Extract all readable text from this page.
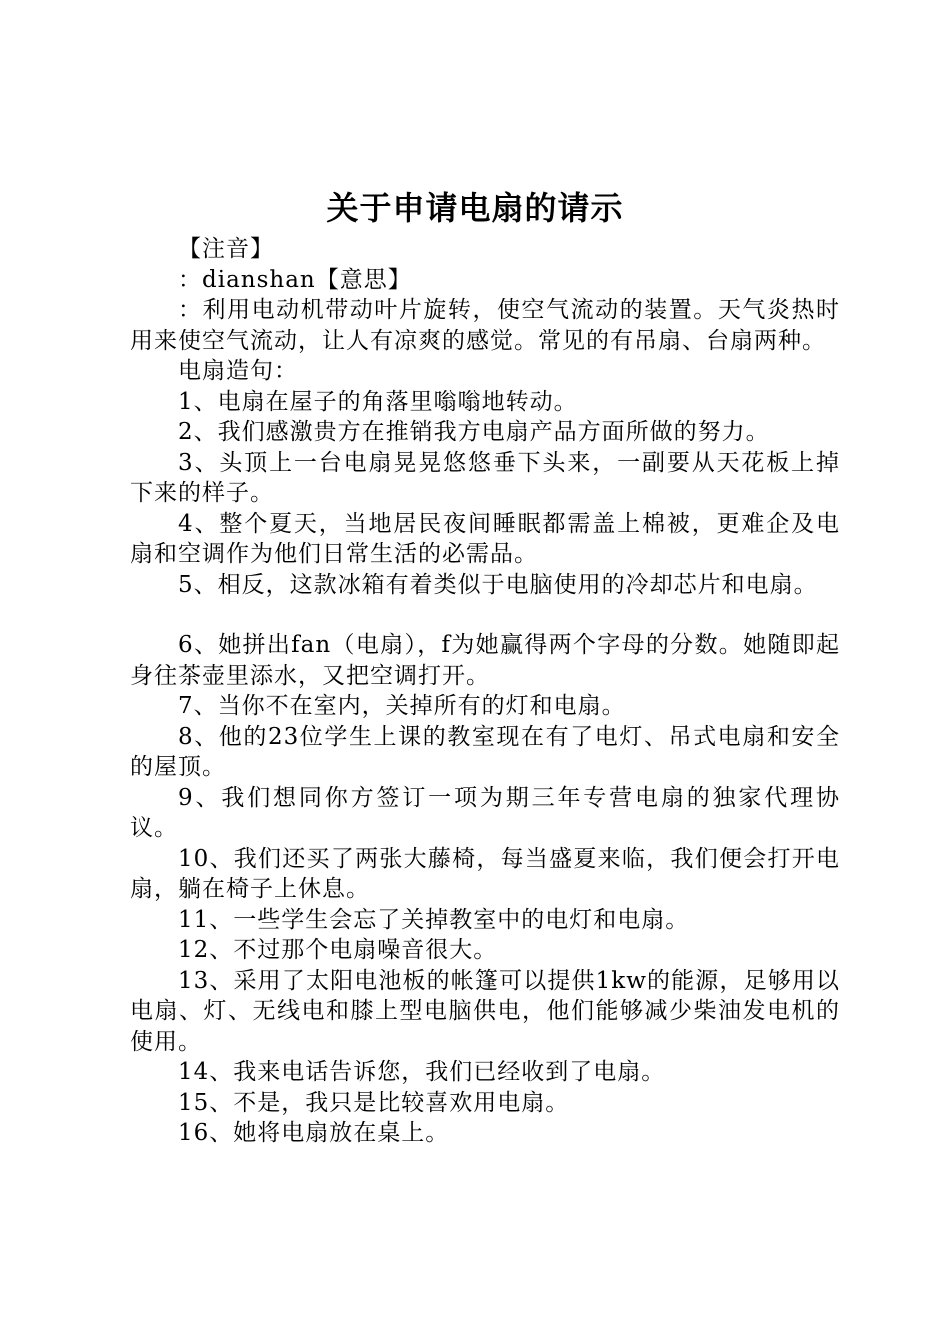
关于申请电扇的请示

【注音】

：dianshan【意思】

：利用电动机带动叶片旋转，使空气流动的装置。天气炎热时用来使空气流动，让人有凉爽的感觉。常见的有吊扇、台扇两种。

电扇造句：

1、电扇在屋子的角落里嗡嗡地转动。

2、我们感激贵方在推销我方电扇产品方面所做的努力。

3、头顶上一台电扇晃晃悠悠垂下头来，一副要从天花板上掉下来的样子。

4、整个夏天，当地居民夜间睡眠都需盖上棉被，更难企及电扇和空调作为他们日常生活的必需品。

5、相反，这款冰箱有着类似于电脑使用的冷却芯片和电扇。

6、她拼出fan（电扇），f为她赢得两个字母的分数。她随即起身往茶壶里添水，又把空调打开。

7、当你不在室内，关掉所有的灯和电扇。

8、他的23位学生上课的教室现在有了电灯、吊式电扇和安全的屋顶。

9、我们想同你方签订一项为期三年专营电扇的独家代理协议。

10、我们还买了两张大藤椅，每当盛夏来临，我们便会打开电扇，躺在椅子上休息。

11、一些学生会忘了关掉教室中的电灯和电扇。

12、不过那个电扇噪音很大。

13、采用了太阳电池板的帐篷可以提供1kw的能源，足够用以电扇、灯、无线电和膝上型电脑供电，他们能够减少柴油发电机的使用。

14、我来电话告诉您，我们已经收到了电扇。

15、不是，我只是比较喜欢用电扇。

16、她将电扇放在桌上。
